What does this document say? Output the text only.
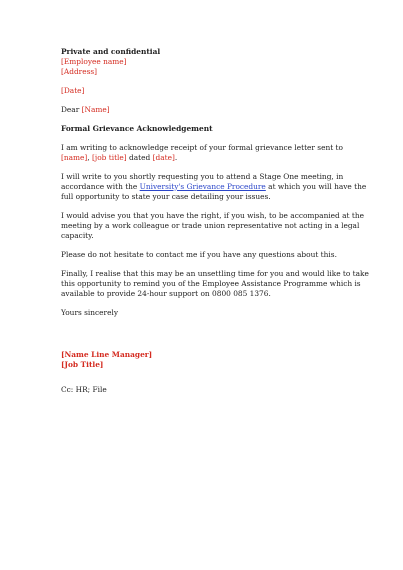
Private and confidential

[Employee name]

[Address]

[Date]

Dear [Name]

Formal Grievance Acknowledgement

I am writing to acknowledge receipt of your formal grievance letter sent to
[name], [job title] dated [date].
I will write to you shortly requesting you to attend a Stage One meeting, in
accordance with the University's Grievance Procedure at which you will have the
full opportunity to state your case detailing your issues.
I would advise you that you have the right, if you wish, to be accompanied at the
meeting by a work colleague or trade union representative not acting in a legal
capacity.

Please do not hesitate to contact me if you have any questions about this.

Finally, I realise that this may be an unsettling time for you and would like to take
this opportunity to remind you of the Employee Assistance Programme which is
available to provide 24-hour support on 0800 085 1376.

Yours sincerely

[Name Line Manager]

[Job Title]

Cc: HR; File
